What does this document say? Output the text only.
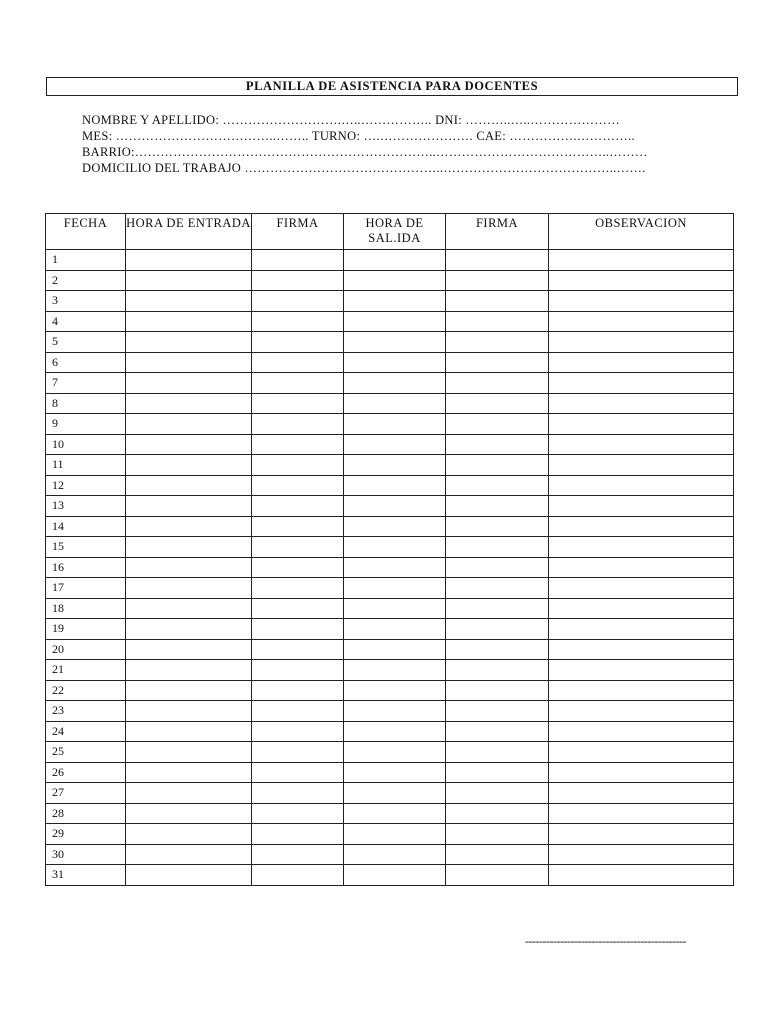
PLANILLA DE ASISTENCIA PARA DOCENTES
NOMBRE Y APELLIDO: ……………………….…..…………….. DNI: ………..…..…………………
MES: ………………………………..…….. TURNO: ….…………………. CAE: …………….…………..
BARRIO:……………………………………………………………..…………………………………..………
DOMICILIO DEL TRABAJO ………………………………………..…………………………………..…….
FECHA	HORA DE ENTRADA	FIRMA	HORA DE SAL.IDA	FIRMA	OBSERVACION
1					
2					
3					
4					
5					
6					
7					
8					
9					
10					
11					
12					
13					
14					
15					
16					
17					
18					
19					
20					
21					
22					
23					
24					
25					
26					
27					
28					
29					
30					
31					
----------------------------------------------
